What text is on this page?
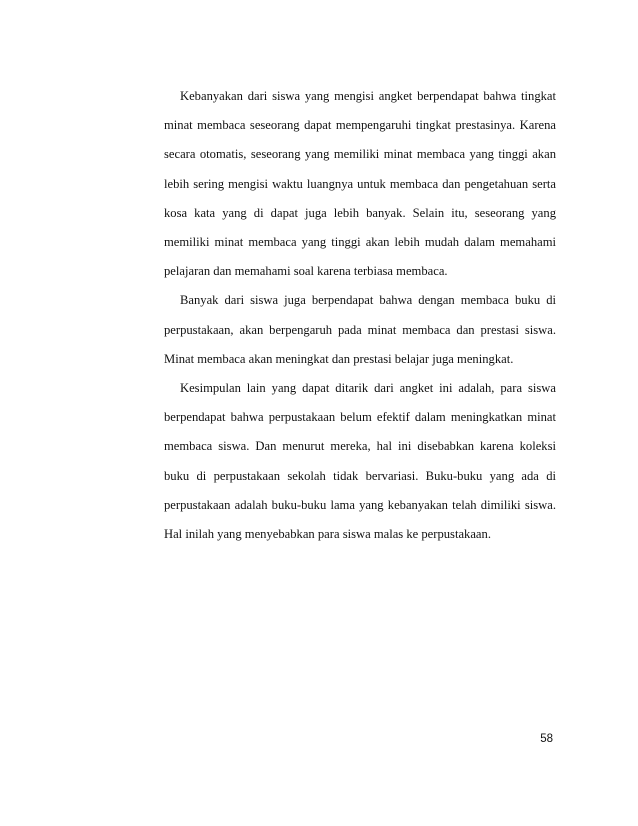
Kebanyakan dari siswa yang mengisi angket berpendapat bahwa tingkat minat membaca seseorang dapat mempengaruhi tingkat prestasinya. Karena secara otomatis, seseorang yang memiliki minat membaca yang tinggi akan lebih sering mengisi waktu luangnya untuk membaca dan pengetahuan serta kosa kata yang di dapat juga lebih banyak. Selain itu, seseorang yang memiliki minat membaca yang tinggi akan lebih mudah dalam memahami pelajaran dan memahami soal karena terbiasa membaca.

Banyak dari siswa juga berpendapat bahwa dengan membaca buku di perpustakaan, akan berpengaruh pada minat membaca dan prestasi siswa. Minat membaca akan meningkat dan prestasi belajar juga meningkat.

Kesimpulan lain yang dapat ditarik dari angket ini adalah, para siswa berpendapat bahwa perpustakaan belum efektif dalam meningkatkan minat membaca siswa. Dan menurut mereka, hal ini disebabkan karena koleksi buku di perpustakaan sekolah tidak bervariasi. Buku-buku yang ada di perpustakaan adalah buku-buku lama yang kebanyakan telah dimiliki siswa. Hal inilah yang menyebabkan para siswa malas ke perpustakaan.

58
